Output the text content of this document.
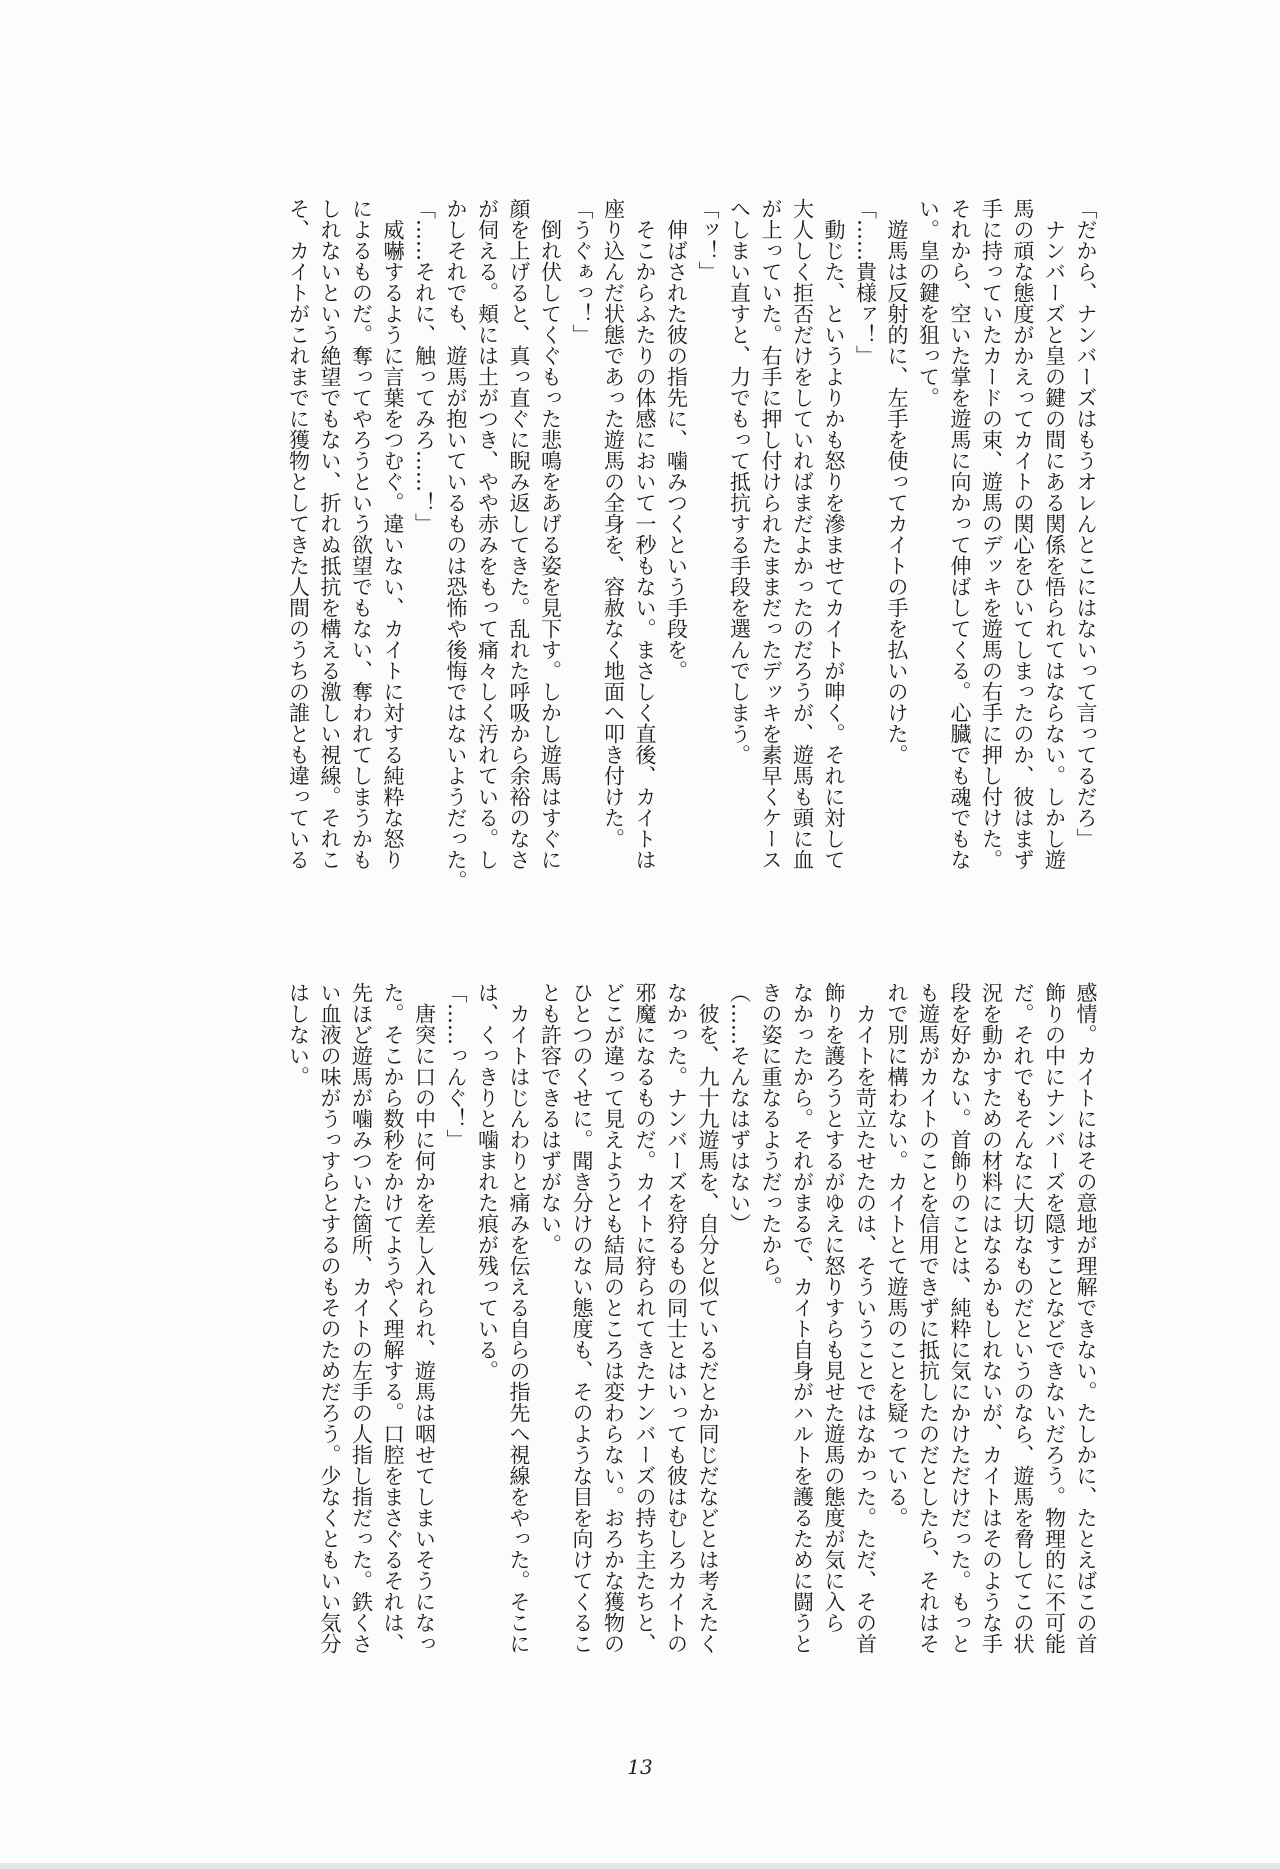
「だから、ナンバーズはもうオレんとこにはないって言ってるだろ」
　ナンバーズと皇の鍵の間にある関係を悟られてはならない。しかし遊
馬の頑な態度がかえってカイトの関心をひいてしまったのか、彼はまず
手に持っていたカードの束、遊馬のデッキを遊馬の右手に押し付けた。
それから、空いた掌を遊馬に向かって伸ばしてくる。心臓でも魂でもな
い。皇の鍵を狙って。
　遊馬は反射的に、左手を使ってカイトの手を払いのけた。
「……貴様ァ！」
　動じた、というよりかも怒りを滲ませてカイトが呻く。それに対して
大人しく拒否だけをしていればまだよかったのだろうが、遊馬も頭に血
が上っていた。右手に押し付けられたままだったデッキを素早くケース
へしまい直すと、力でもって抵抗する手段を選んでしまう。
「ッ！」
　伸ばされた彼の指先に、噛みつくという手段を。
　そこからふたりの体感において一秒もない。まさしく直後、カイトは
座り込んだ状態であった遊馬の全身を、容赦なく地面へ叩き付けた。
「うぐぁっ！」
　倒れ伏してくぐもった悲鳴をあげる姿を見下す。しかし遊馬はすぐに
顔を上げると、真っ直ぐに睨み返してきた。乱れた呼吸から余裕のなさ
が伺える。頬には土がつき、やや赤みをもって痛々しく汚れている。し
かしそれでも、遊馬が抱いているものは恐怖や後悔ではないようだった。
「……それに、触ってみろ……！」
　威嚇するように言葉をつむぐ。違いない、カイトに対する純粋な怒り
によるものだ。奪ってやろうという欲望でもない、奪われてしまうかも
しれないという絶望でもない、折れぬ抵抗を構える激しい視線。それこ
そ、カイトがこれまでに獲物としてきた人間のうちの誰とも違っている
感情。カイトにはその意地が理解できない。たしかに、たとえばこの首
飾りの中にナンバーズを隠すことなどできないだろう。物理的に不可能
だ。それでもそんなに大切なものだというのなら、遊馬を脅してこの状
況を動かすための材料にはなるかもしれないが、カイトはそのような手
段を好かない。首飾りのことは、純粋に気にかけただけだった。もっと
も遊馬がカイトのことを信用できずに抵抗したのだとしたら、それはそ
れで別に構わない。カイトとて遊馬のことを疑っている。
　カイトを苛立たせたのは、そういうことではなかった。ただ、その首
飾りを護ろうとするがゆえに怒りすらも見せた遊馬の態度が気に入ら
なかったから。それがまるで、カイト自身がハルトを護るために闘うと
きの姿に重なるようだったから。
（……そんなはずはない）
　彼を、九十九遊馬を、自分と似ているだとか同じだなどとは考えたく
なかった。ナンバーズを狩るもの同士とはいっても彼はむしろカイトの
邪魔になるものだ。カイトに狩られてきたナンバーズの持ち主たちと、
どこが違って見えようとも結局のところは変わらない。おろかな獲物の
ひとつのくせに。聞き分けのない態度も、そのような目を向けてくるこ
とも許容できるはずがない。
　カイトはじんわりと痛みを伝える自らの指先へ視線をやった。そこに
は、くっきりと噛まれた痕が残っている。
「……っんぐ！」
　唐突に口の中に何かを差し入れられ、遊馬は咽せてしまいそうになっ
た。そこから数秒をかけてようやく理解する。口腔をまさぐるそれは、
先ほど遊馬が噛みついた箇所、カイトの左手の人指し指だった。鉄くさ
い血液の味がうっすらとするのもそのためだろう。少なくともいい気分
はしない。
13
